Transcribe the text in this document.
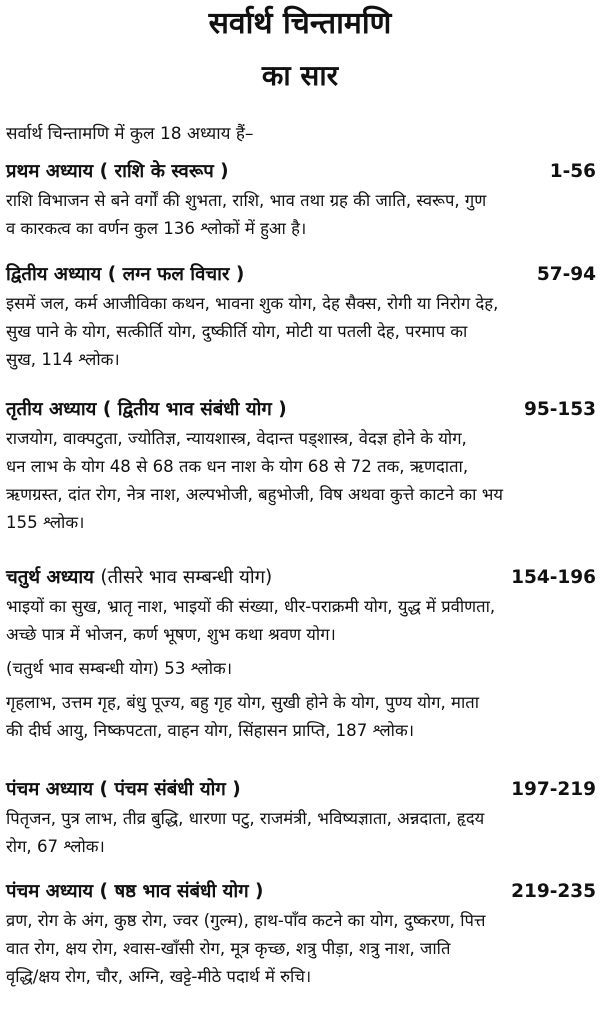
सर्वार्थ चिन्तामणि
का सार
सर्वार्थ चिन्तामणि में कुल 18 अध्याय हैं–
प्रथम अध्याय ( राशि के स्वरूप )	1-56
राशि विभाजन से बने वर्गों की शुभता, राशि, भाव तथा ग्रह की जाति, स्वरूप, गुण
व कारकत्व का वर्णन कुल 136 श्लोकों में हुआ है।
द्वितीय अध्याय ( लग्न फल विचार )	57-94
इसमें जल, कर्म आजीविका कथन, भावना शुक योग, देह सैक्स, रोगी या निरोग देह,
सुख पाने के योग, सत्कीर्ति योग, दुष्कीर्ति योग, मोटी या पतली देह, परमाप का
सुख, 114 श्लोक।
तृतीय अध्याय ( द्वितीय भाव संबंधी योग )	95-153
राजयोग, वाक्पटुता, ज्योतिज्ञ, न्यायशास्त्र, वेदान्त पड्शास्त्र, वेदज्ञ होने के योग,
धन लाभ के योग 48 से 68 तक धन नाश के योग 68 से 72 तक, ऋणदाता,
ऋणग्रस्त, दांत रोग, नेत्र नाश, अल्पभोजी, बहुभोजी, विष अथवा कुत्ते काटने का भय
155 श्लोक।
चतुर्थ अध्याय (तीसरे भाव सम्बन्धी योग)	154-196
भाइयों का सुख, भ्रातृ नाश, भाइयों की संख्या, धीर-पराक्रमी योग, युद्ध में प्रवीणता,
अच्छे पात्र में भोजन, कर्ण भूषण, शुभ कथा श्रवण योग।
(चतुर्थ भाव सम्बन्धी योग) 53 श्लोक।
गृहलाभ, उत्तम गृह, बंधु पूज्य, बहु गृह योग, सुखी होने के योग, पुण्य योग, माता
की दीर्घ आयु, निष्कपटता, वाहन योग, सिंहासन प्राप्ति, 187 श्लोक।
पंचम अध्याय ( पंचम संबंधी योग )	197-219
पितृजन, पुत्र लाभ, तीव्र बुद्धि, धारणा पटु, राजमंत्री, भविष्यज्ञाता, अन्नदाता, हृदय
रोग, 67 श्लोक।
पंचम अध्याय ( षष्ठ भाव संबंधी योग )	219-235
व्रण, रोग के अंग, कुष्ठ रोग, ज्वर (गुल्म), हाथ-पाँव कटने का योग, दुष्करण, पित्त
वात रोग, क्षय रोग, श्वास-खाँसी रोग, मूत्र कृच्छ, शत्रु पीड़ा, शत्रु नाश, जाति
वृद्धि/क्षय रोग, चौर, अग्नि, खट्टे-मीठे पदार्थ में रुचि।
